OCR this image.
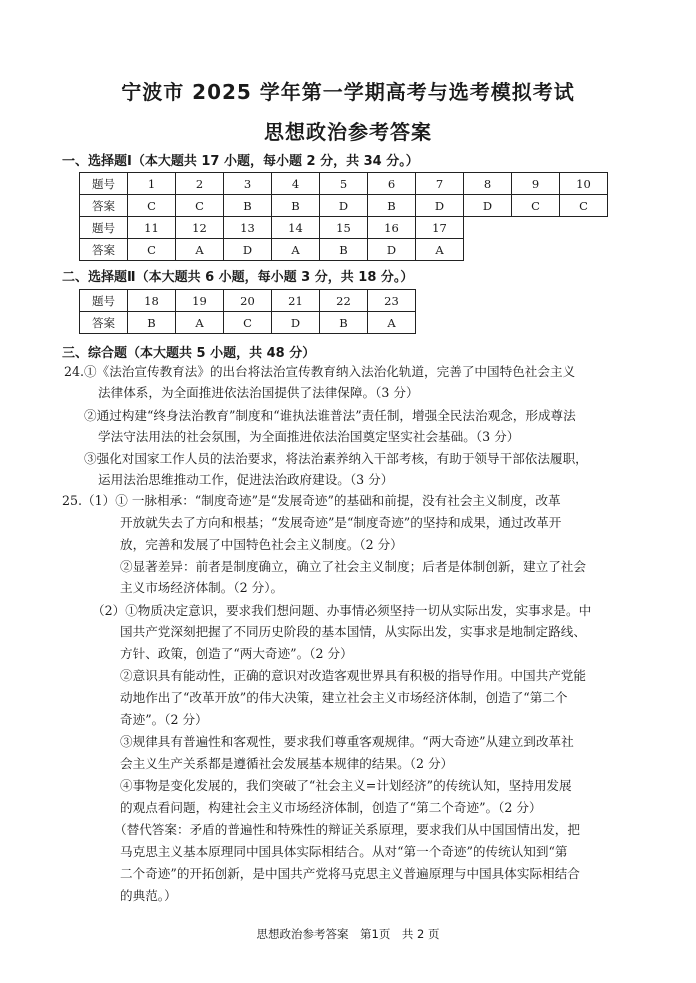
宁波市 2025 学年第一学期高考与选考模拟考试
思想政治参考答案
一、选择题Ⅰ（本大题共 17 小题，每小题 2 分，共 34 分。）
题号	1	2	3	4	5	6	7	8	9	10
答案	C	C	B	B	D	B	D	D	C	C
题号	11	12	13	14	15	16	17			
答案	C	A	D	A	B	D	A			
二、选择题Ⅱ（本大题共 6 小题，每小题 3 分，共 18 分。）
题号	18	19	20	21	22	23
答案	B	A	C	D	B	A
三、综合题（本大题共 5 小题，共 48 分）
24.①《法治宣传教育法》的出台将法治宣传教育纳入法治化轨道，完善了中国特色社会主义
法律体系，为全面推进依法治国提供了法律保障。（3 分）
②通过构建“终身法治教育”制度和“谁执法谁普法”责任制，增强全民法治观念，形成尊法
学法守法用法的社会氛围，为全面推进依法治国奠定坚实社会基础。（3 分）
③强化对国家工作人员的法治要求，将法治素养纳入干部考核，有助于领导干部依法履职，
运用法治思维推动工作，促进法治政府建设。（3 分）
25.（1）① 一脉相承：“制度奇迹”是“发展奇迹”的基础和前提，没有社会主义制度，改革
开放就失去了方向和根基；“发展奇迹”是“制度奇迹”的坚持和成果，通过改革开
放，完善和发展了中国特色社会主义制度。（2 分）
②显著差异：前者是制度确立，确立了社会主义制度；后者是体制创新，建立了社会
主义市场经济体制。（2 分）。
（2）①物质决定意识，要求我们想问题、办事情必须坚持一切从实际出发，实事求是。中
国共产党深刻把握了不同历史阶段的基本国情，从实际出发，实事求是地制定路线、
方针、政策，创造了“两大奇迹”。（2 分）
②意识具有能动性，正确的意识对改造客观世界具有积极的指导作用。中国共产党能
动地作出了“改革开放”的伟大决策，建立社会主义市场经济体制，创造了“第二个
奇迹”。（2 分）
③规律具有普遍性和客观性，要求我们尊重客观规律。“两大奇迹”从建立到改革社
会主义生产关系都是遵循社会发展基本规律的结果。（2 分）
④事物是变化发展的，我们突破了“社会主义=计划经济”的传统认知，坚持用发展
的观点看问题，构建社会主义市场经济体制，创造了“第二个奇迹”。（2 分）
（替代答案：矛盾的普遍性和特殊性的辩证关系原理，要求我们从中国国情出发，把
马克思主义基本原理同中国具体实际相结合。从对“第一个奇迹”的传统认知到“第
二个奇迹”的开拓创新，是中国共产党将马克思主义普遍原理与中国具体实际相结合
的典范。）
思想政治参考答案　第1页　共 2 页
